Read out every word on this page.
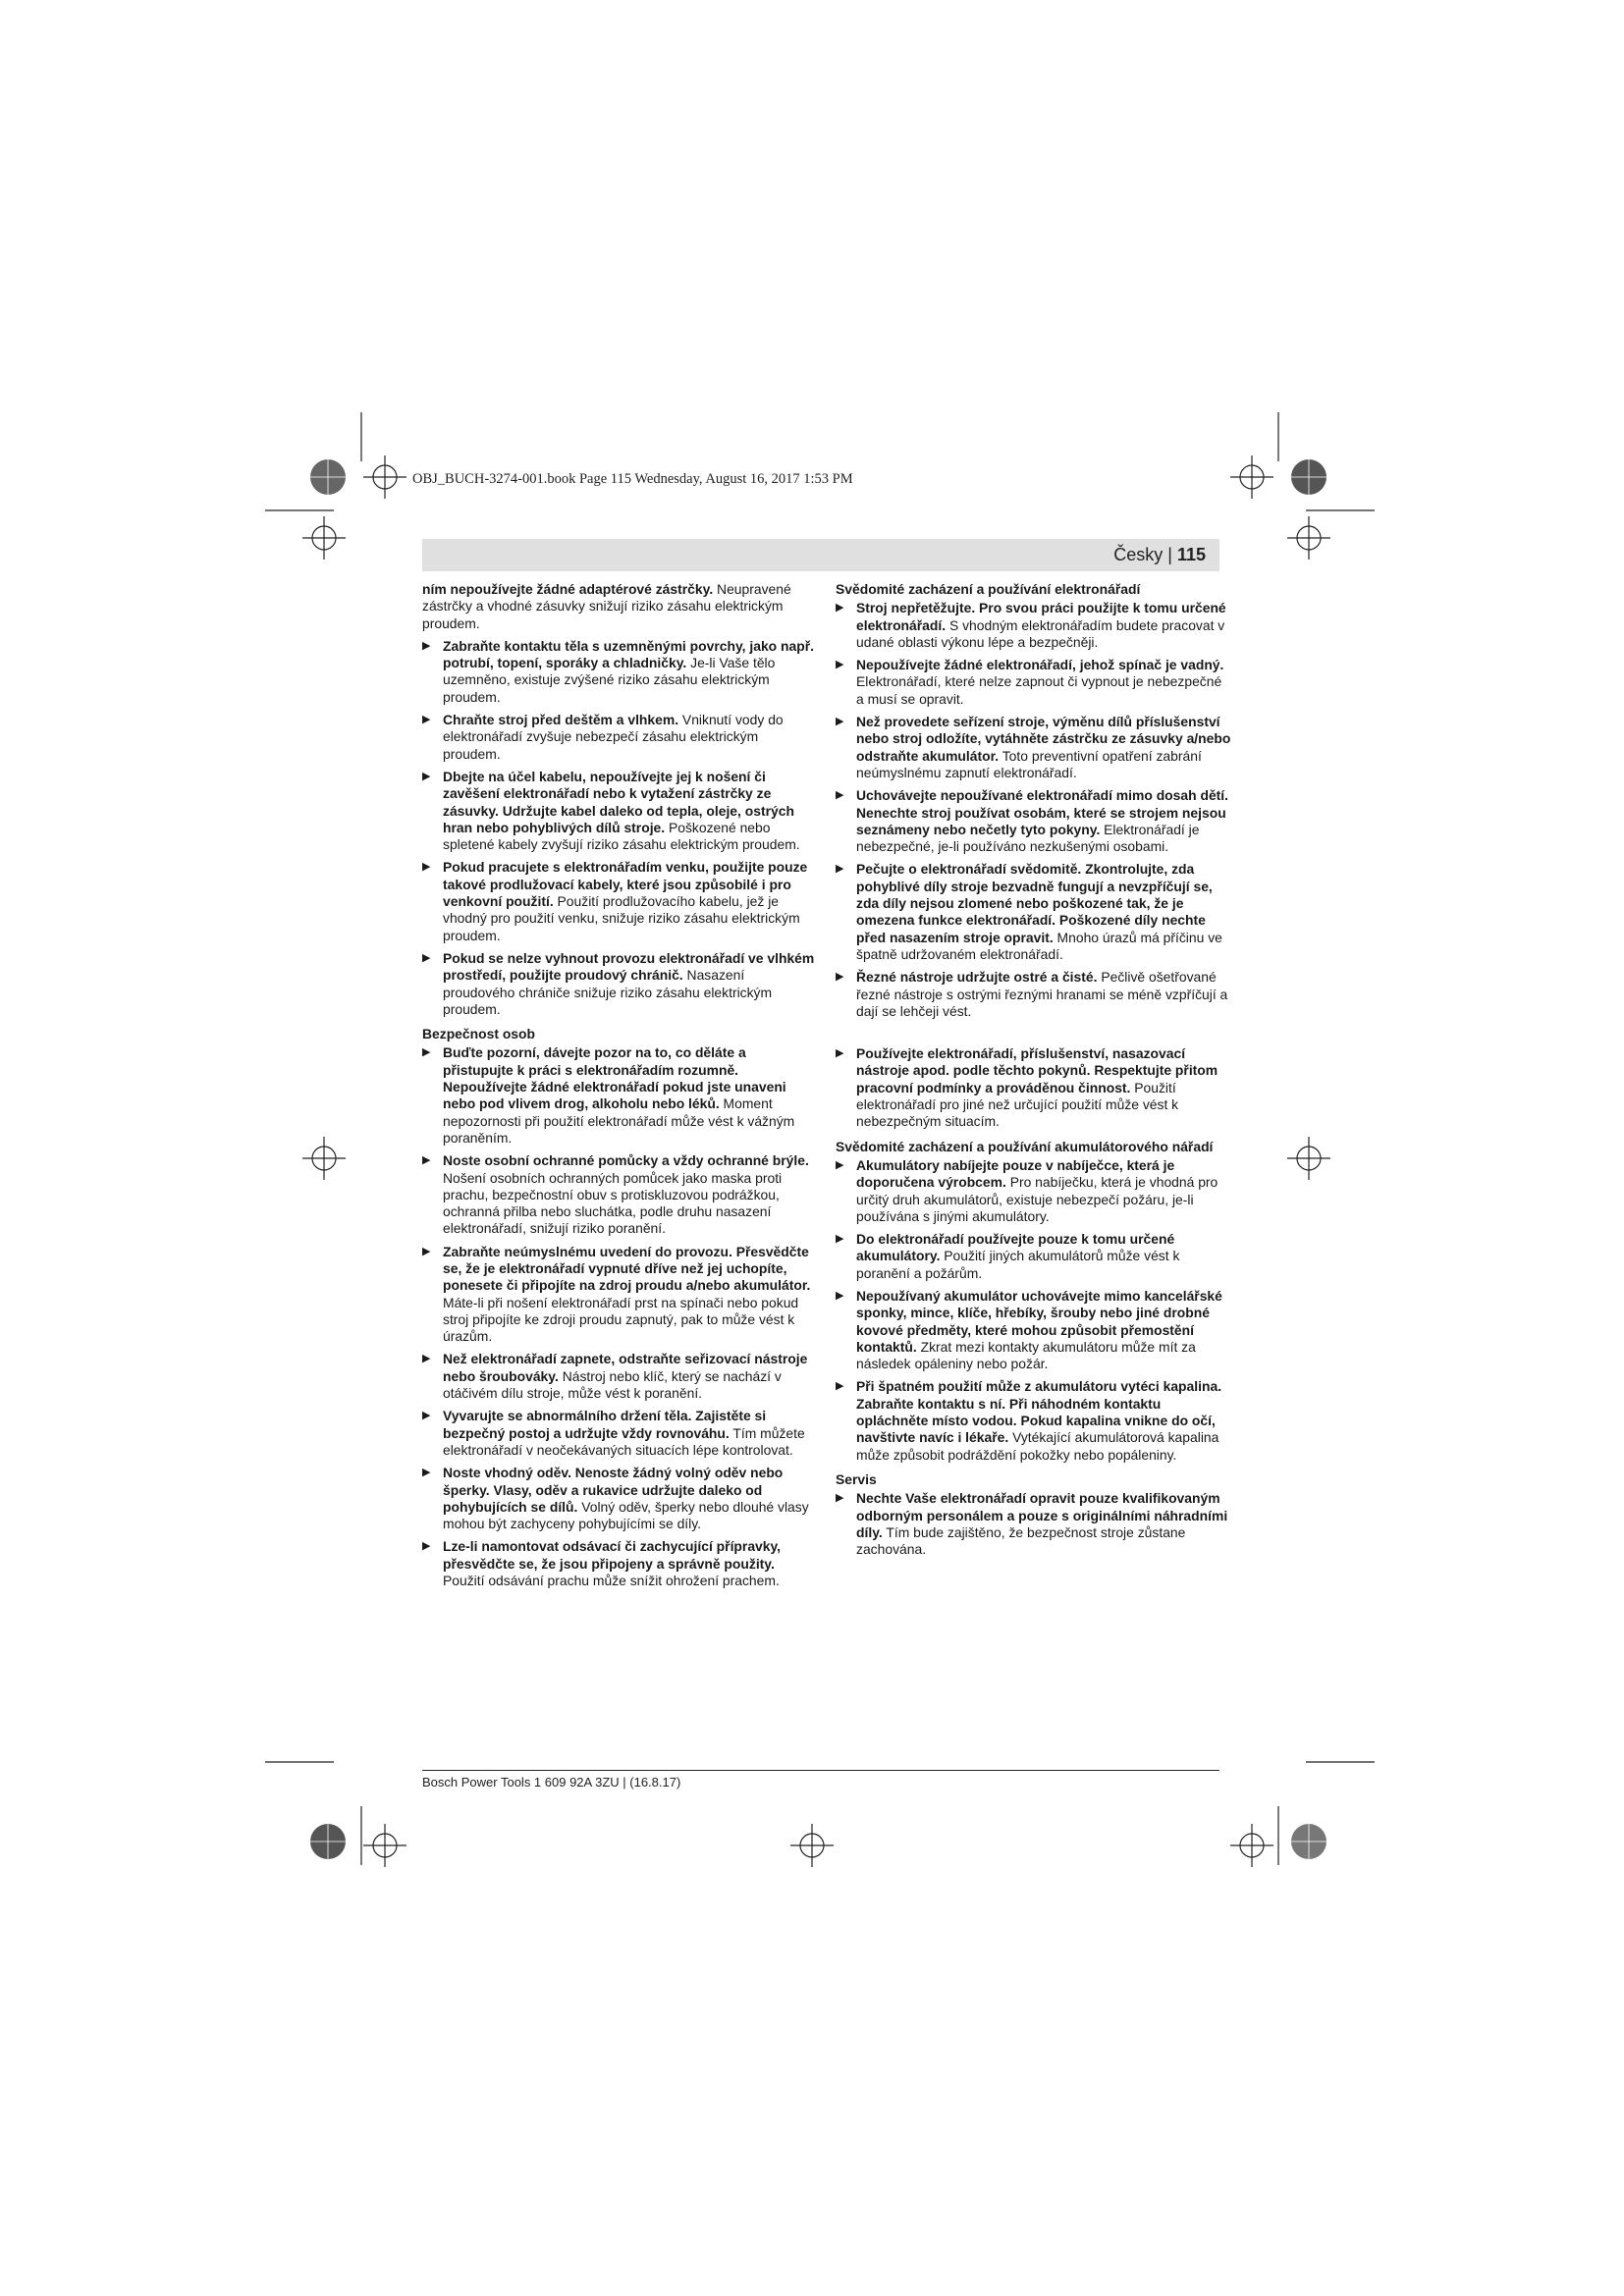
OBJ_BUCH-3274-001.book Page 115 Wednesday, August 16, 2017 1:53 PM
Česky | 115

ním nepoužívejte žádné adaptérové zástrčky. Neupravené zástrčky a vhodné zásuvky snižují riziko zásahu elektrickým proudem.

▶ Zabraňte kontaktu těla s uzemněnými povrchy, jako např. potrubí, topení, sporáky a chladničky. Je-li Vaše tělo uzemněno, existuje zvýšené riziko zásahu elektrickým proudem.
▶ Chraňte stroj před deštěm a vlhkem. Vniknutí vody do elektronářadí zvyšuje nebezpečí zásahu elektrickým proudem.
▶ Dbejte na účel kabelu, nepoužívejte jej k nošení či zavěšení elektronářadí nebo k vytažení zástrčky ze zásuvky. Udržujte kabel daleko od tepla, oleje, ostrých hran nebo pohyblivých dílů stroje. Poškozené nebo spletené kabely zvyšují riziko zásahu elektrickým proudem.
▶ Pokud pracujete s elektronářadím venku, použijte pouze takové prodlužovací kabely, které jsou způsobilé i pro venkovní použití. Použití prodlužovacího kabelu, jež je vhodný pro použití venku, snižuje riziko zásahu elektrickým proudem.
▶ Pokud se nelze vyhnout provozu elektronářadí ve vlhkém prostředí, použijte proudový chránič. Nasazení proudového chrániče snižuje riziko zásahu elektrickým proudem.
Bezpečnost osob
▶ Buďte pozorní, dávejte pozor na to, co děláte a přistupujte k práci s elektronářadím rozumně. Nepoužívejte žádné elektronářadí pokud jste unaveni nebo pod vlivem drog, alkoholu nebo léků. Moment nepozornosti při použití elektronářadí může vést k vážným poraněním.
▶ Noste osobní ochranné pomůcky a vždy ochranné brýle. Nošení osobních ochranných pomůcek jako maska proti prachu, bezpečnostní obuv s protiskluzovou podrážkou, ochranná přilba nebo sluchátka, podle druhu nasazení elektronářadí, snižují riziko poranění.
▶ Zabraňte neúmyslnému uvedení do provozu. Přesvědčte se, že je elektronářadí vypnuté dříve než jej uchopíte, ponesete či připojíte na zdroj proudu a/nebo akumulátor. Máte-li při nošení elektronářadí prst na spínači nebo pokud stroj připojíte ke zdroji proudu zapnutý, pak to může vést k úrazům.
▶ Než elektronářadí zapnete, odstraňte seřizovací nástroje nebo šroubováky. Nástroj nebo klíč, který se nachází v otáčivém dílu stroje, může vést k poranění.
▶ Vyvarujte se abnormálního držení těla. Zajistěte si bezpečný postoj a udržujte vždy rovnováhu. Tím můžete elektronářadí v neočekávaných situacích lépe kontrolovat.
▶ Noste vhodný oděv. Nenoste žádný volný oděv nebo šperky. Vlasy, oděv a rukavice udržujte daleko od pohybujících se dílů. Volný oděv, šperky nebo dlouhé vlasy mohou být zachyceny pohybujícími se díly.
▶ Lze-li namontovat odsávací či zachycující přípravky, přesvědčte se, že jsou připojeny a správně použity. Použití odsávání prachu může snížit ohrožení prachem.
Svědomité zacházení a používání elektronářadí
▶ Stroj nepřetěžujte. Pro svou práci použijte k tomu určené elektronářadí. S vhodným elektronářadím budete pracovat v udané oblasti výkonu lépe a bezpečněji.
▶ Nepoužívejte žádné elektronářadí, jehož spínač je vadný. Elektronářadí, které nelze zapnout či vypnout je nebezpečné a musí se opravit.
▶ Než provedete seřízení stroje, výměnu dílů příslušenství nebo stroj odložíte, vytáhněte zástrčku ze zásuvky a/nebo odstraňte akumulátor. Toto preventivní opatření zabrání neúmyslnému zapnutí elektronářadí.
▶ Uchovávejte nepoužívané elektronářadí mimo dosah dětí. Nenechte stroj používat osobám, které se strojem nejsou seznámeny nebo nečetly tyto pokyny. Elektronářadí je nebezpečné, je-li používáno nezkušenými osobami.
▶ Pečujte o elektronářadí svědomitě. Zkontrolujte, zda pohyblivé díly stroje bezvadně fungují a nevzpříčují se, zda díly nejsou zlomené nebo poškozené tak, že je omezena funkce elektronářadí. Poškozené díly nechte před nasazením stroje opravit. Mnoho úrazů má příčinu ve špatně udržovaném elektronářadí.
▶ Řezné nástroje udržujte ostré a čisté. Pečlivě ošetřované řezné nástroje s ostrými řeznými hranami se méně vzpříčují a dají se lehčeji vést.
▶ Používejte elektronářadí, příslušenství, nasazovací nástroje apod. podle těchto pokynů. Respektujte přitom pracovní podmínky a prováděnou činnost. Použití elektronářadí pro jiné než určující použití může vést k nebezpečným situacím.
Svědomité zacházení a používání akumulátorového nářadí
▶ Akumulátory nabíjejte pouze v nabíječce, která je doporučena výrobcem. Pro nabíječku, která je vhodná pro určitý druh akumulátorů, existuje nebezpečí požáru, je-li používána s jinými akumulátory.
▶ Do elektronářadí používejte pouze k tomu určené akumulátory. Použití jiných akumulátorů může vést k poranění a požárům.
▶ Nepoužívaný akumulátor uchovávejte mimo kancelářské sponky, mince, klíče, hřebíky, šrouby nebo jiné drobné kovové předměty, které mohou způsobit přemostění kontaktů. Zkrat mezi kontakty akumulátoru může mít za následek opáleniny nebo požár.
▶ Při špatném použití může z akumulátoru vytéci kapalina. Zabraňte kontaktu s ní. Při náhodném kontaktu opláchněte místo vodou. Pokud kapalina vnikne do očí, navštivte navíc i lékaře. Vytékající akumulátorová kapalina může způsobit podráždění pokožky nebo popáleniny.
Servis
▶ Nechte Vaše elektronářadí opravit pouze kvalifikovaným odborným personálem a pouze s originálními náhradními díly. Tím bude zajištěno, že bezpečnost stroje zůstane zachována.
Bosch Power Tools 1 609 92A 3ZU | (16.8.17)
